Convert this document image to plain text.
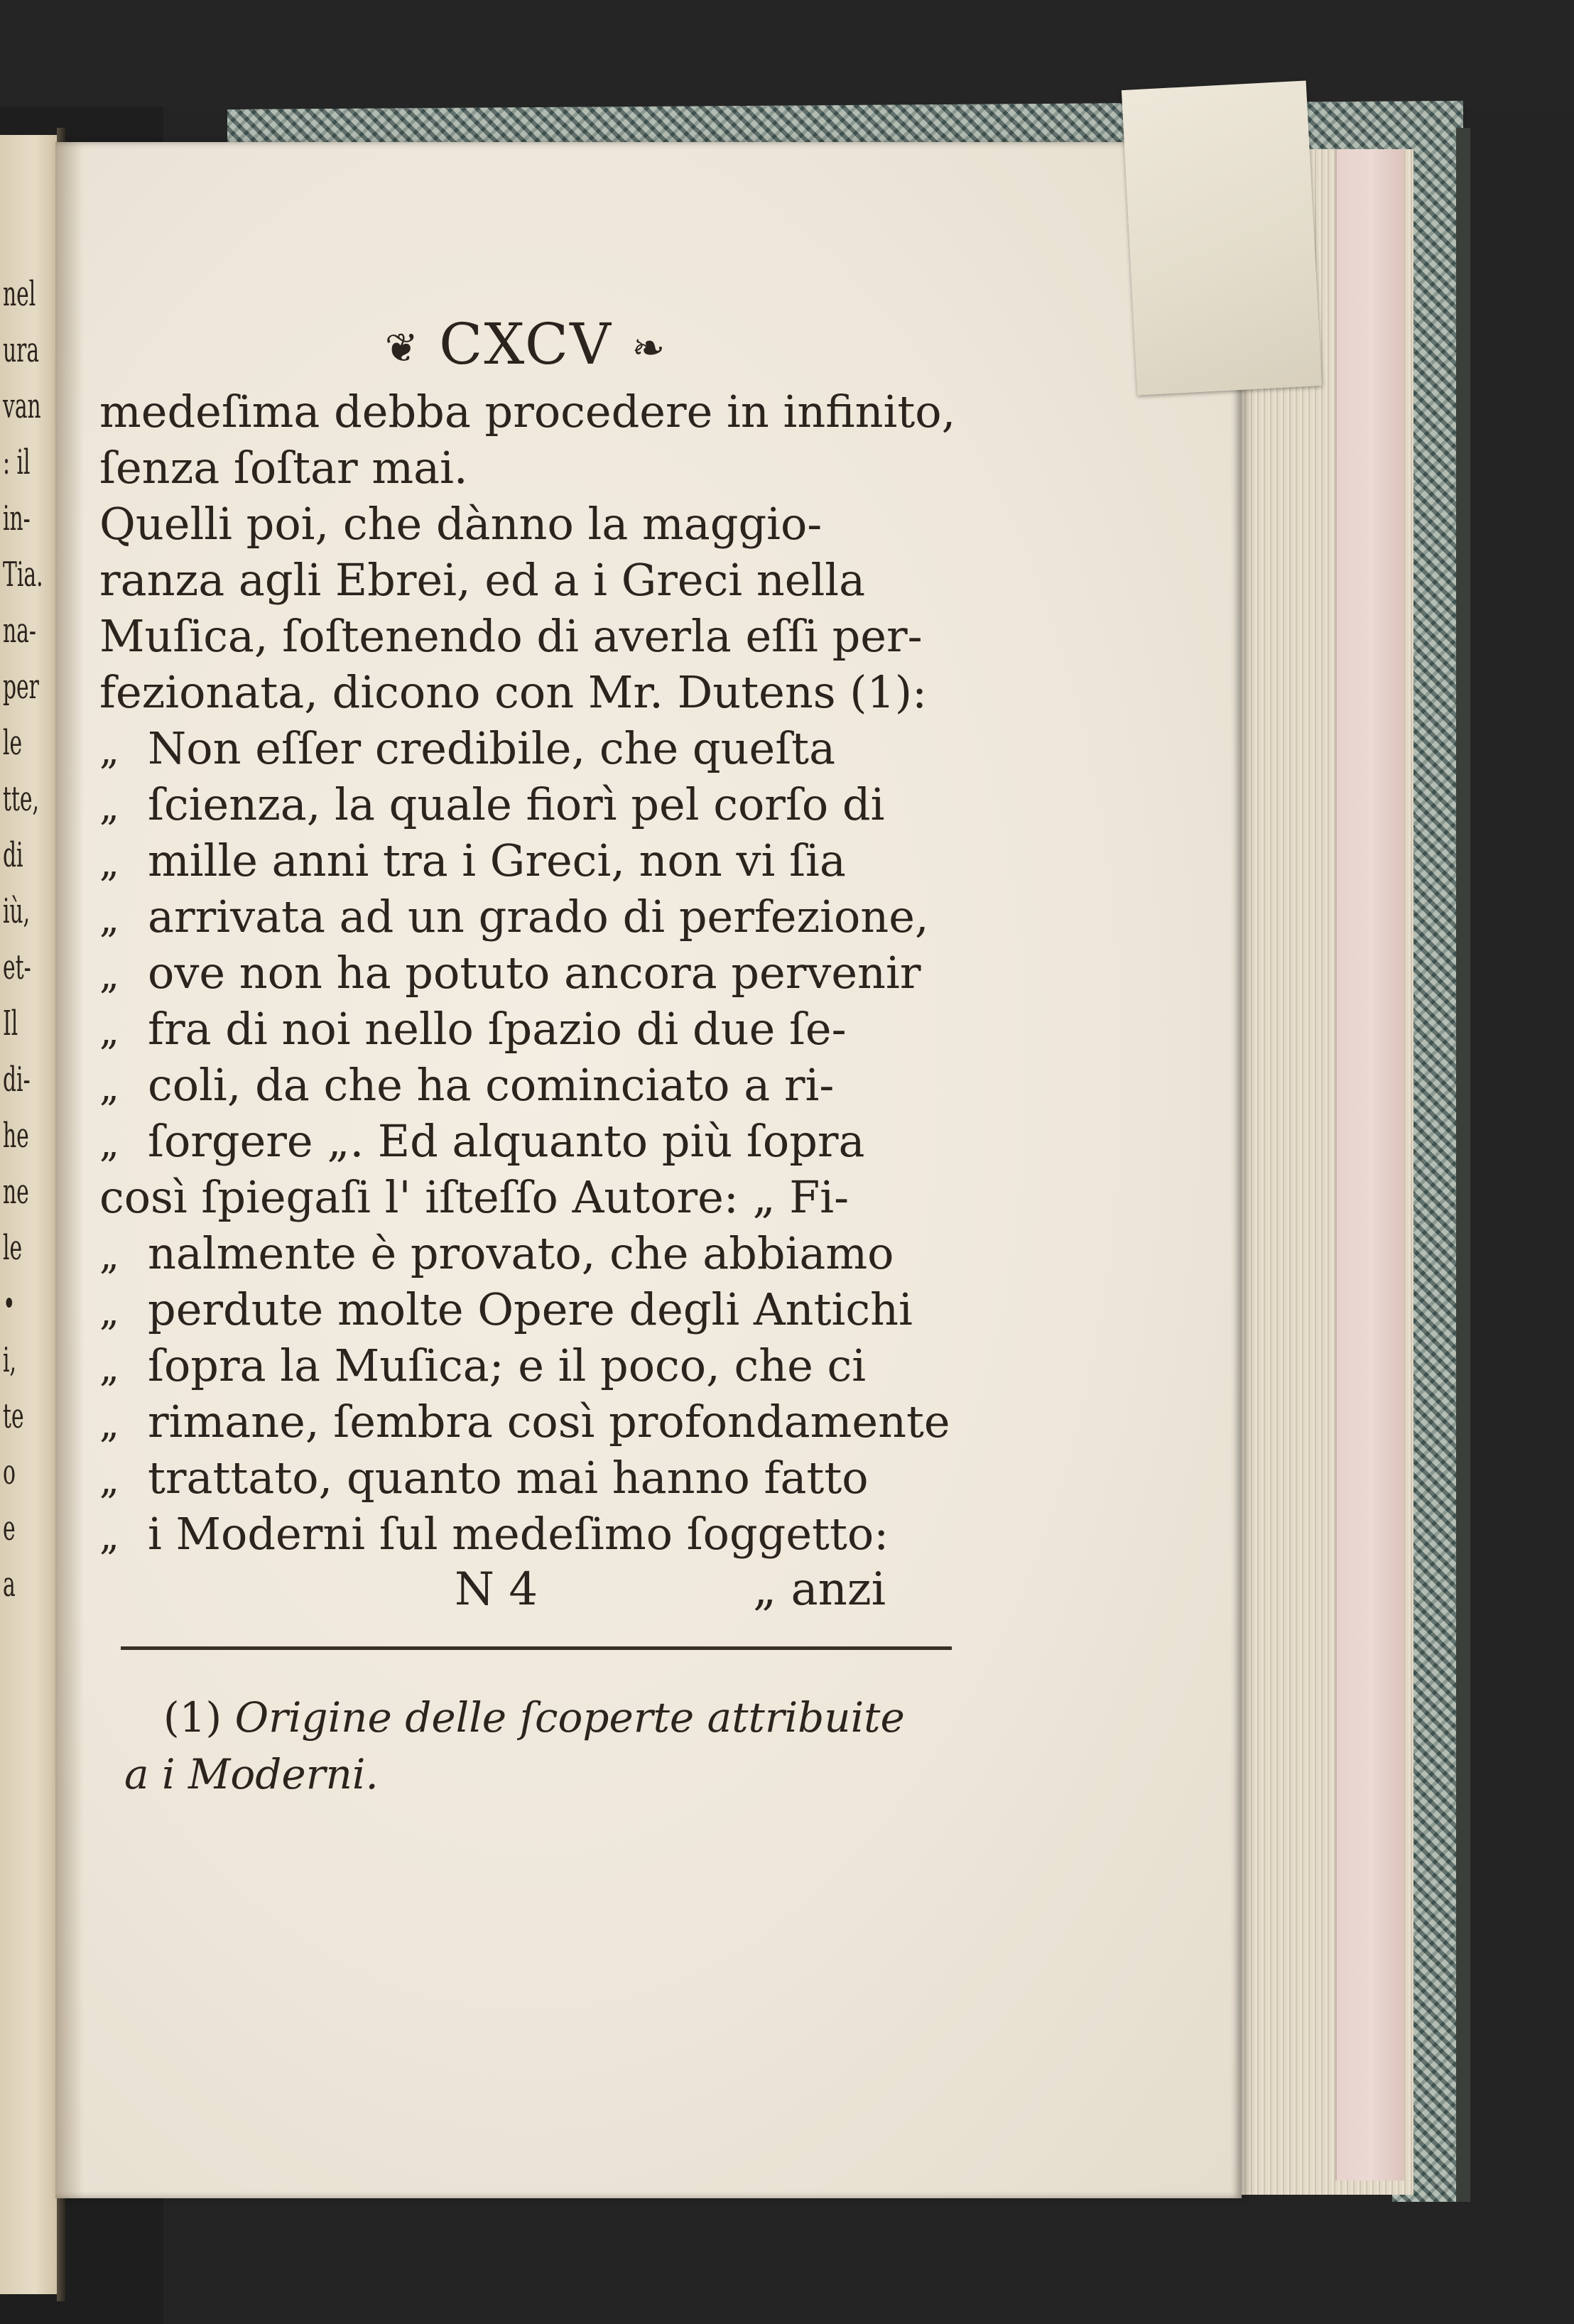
nel
ura
van
: il
in-
Tia.
na-
per
le
tte,
di
iù,
et-
Il
di-
he
ne
le
•
i,
te
o
e
a
❦ CXCV ❧
medeſima debba procedere in infinito,
ſenza ſoſtar mai.
Quelli poi, che dànno la maggio-
ranza agli Ebrei, ed a i Greci nella
Muſica, ſoſtenendo di averla eſſi per-
fezionata, dicono con Mr. Dutens (1):
„ Non eſſer credibile, che queſta
„ ſcienza, la quale fiorì pel corſo di
„ mille anni tra i Greci, non vi ſia
„ arrivata ad un grado di perfezione,
„ ove non ha potuto ancora pervenir
„ fra di noi nello ſpazio di due ſe-
„ coli, da che ha cominciato a ri-
„ ſorgere „. Ed alquanto più ſopra
così ſpiegaſi l' iſteſſo Autore: „ Fi-
„ nalmente è provato, che abbiamo
„ perdute molte Opere degli Antichi
„ ſopra la Muſica; e il poco, che ci
„ rimane, ſembra così profondamente
„ trattato, quanto mai hanno fatto
„ i Moderni ſul medeſimo ſoggetto:
N 4	„ anzi
(1) Origine delle ſcoperte attribuite
a i Moderni.
